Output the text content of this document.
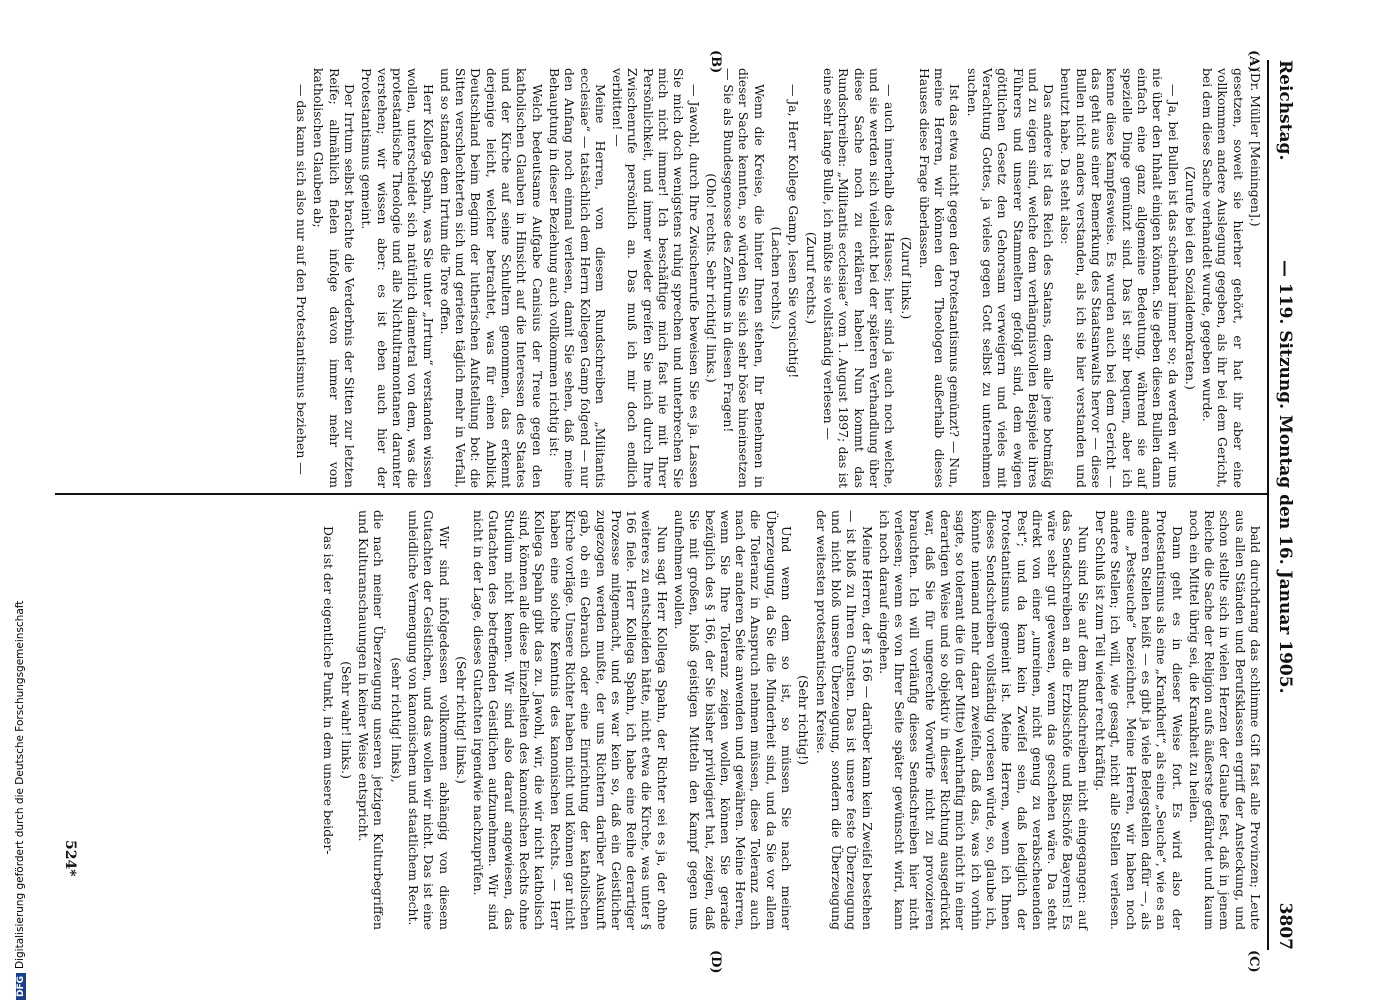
Reichstag.
— 119. Sitzung. Montag den 16. Januar 1905.
3807
(A)
(B)
(C)
(D)

(Dr. Müller [Meiningen].)

gesetzen, soweit sie hierher gehört, er hat ihr aber eine vollkommen andere Auslegung gegeben, als ihr bei dem Gericht, bei dem diese Sache verhandelt wurde, gegeben wurde.

(Zurufe bei den Sozialdemokraten.)

— Ja, bei Bullen ist das scheinbar immer so; da werden wir uns nie über den Inhalt einigen können. Sie geben diesen Bullen dann einfach eine ganz allgemeine Bedeutung, während sie auf spezielle Dinge gemünzt sind. Das ist sehr bequem, aber ich kenne diese Kampfesweise. Es wurden auch bei dem Gericht — das geht aus einer Bemerkung des Staatsanwalts hervor — diese Bullen nicht anders verstanden, als ich sie hier verstanden und benutzt habe. Da steht also:

Das andere ist das Reich des Satans, dem alle jene botmäßig und zu eigen sind, welche dem verhängnisvollen Beispiele ihres Führers und unserer Stammeltern gefolgt sind, dem ewigen göttlichen Gesetz den Gehorsam verweigern und vieles mit Verachtung Gottes, ja vieles gegen Gott selbst zu unternehmen suchen.

Ist das etwa nicht gegen den Protestantismus gemünzt? — Nun, meine Herren, wir können den Theologen außerhalb dieses Hauses diese Frage überlassen.

(Zuruf links.)

— auch innerhalb des Hauses; hier sind ja auch noch welche, und sie werden sich vielleicht bei der späteren Verhandlung über diese Sache noch zu erklären haben! Nun kommt das Rundschreiben: „Militantis ecclesiae“ vom 1. August 1897; das ist eine sehr lange Bulle, ich müßte sie vollständig verlesen —

(Zuruf rechts.)

— Ja, Herr Kollege Gamp, lesen Sie vorsichtig!

(Lachen rechts.)

Wenn die Kreise, die hinter Ihnen stehen, Ihr Benehmen in dieser Sache kennten, so würden Sie sich sehr böse hineinsetzen — Sie als Bundesgenosse des Zentrums in diesen Fragen!

(Oho! rechts. Sehr richtig! links.)

— Jawohl, durch Ihre Zwischenrufe beweisen Sie es ja. Lassen Sie mich doch wenigstens ruhig sprechen und unterbrechen Sie mich nicht immer! Ich beschäftige mich fast nie mit Ihrer Persönlichkeit, und immer wieder greifen Sie mich durch Ihre Zwischenrufe persönlich an. Das muß ich mir doch endlich verbitten! —

Meine Herren, von diesem Rundschreiben „Militantis ecclesiae“ — tatsächlich dem Herrn Kollegen Gamp folgend — nur den Anfang noch einmal verlesen, damit Sie sehen, daß meine Behauptung in dieser Beziehung auch vollkommen richtig ist:

Welch bedeutsame Aufgabe Canisius der Treue gegen den katholischen Glauben in Hinsicht auf die Interessen des Staates und der Kirche auf seine Schultern genommen, das erkennt derjenige leicht, welcher betrachtet, was für einen Anblick Deutschland beim Beginn der lutherischen Aufstellung bot: die Sitten verschlechterten sich und gerieten täglich mehr in Verfall, und so standen dem Irrtum die Tore offen.

Herr Kollega Spahn, was Sie unter „Irrtum“ verstanden wissen wollen, unterscheidet sich natürlich diametral von dem, was die protestantische Theologie und alle Nichtultramontanen darunter verstehen; wir wissen aber: es ist eben auch hier der Protestantismus gemeint.

Der Irrtum selbst brachte die Verderbnis der Sitten zur letzten Reife; allmählich fielen infolge davon immer mehr vom katholischen Glauben ab;

— das kann sich also nur auf den Protestantismus beziehen —

bald durchdrang das schlimme Gift fast alle Provinzen; Leute aus allen Ständen und Berufsklassen ergriff der Ansteckung, und schon stellte sich in vielen Herzen der Glaube fest, daß in jenem Reiche die Sache der Religion aufs äußerste gefährdet und kaum noch ein Mittel übrig sei, die Krankheit zu heilen.

Dann geht es in dieser Weise fort. Es wird also der Protestantismus als eine „Krankheit“, als eine „Seuche“, wie es an anderen Stellen heißt — es gibt ja viele Belegstellen dafür —, als eine „Pestseuche“ bezeichnet. Meine Herren, wir haben noch andere Stellen; ich will, wie gesagt, nicht alle Stellen verlesen. Der Schluß ist zum Teil wieder recht kräftig.

Nun sind Sie auf dem Rundschreiben nicht eingegangen: auf das Sendschreiben an die Erzbischöfe und Bischöfe Bayerns! Es wäre sehr gut gewesen, wenn das geschehen wäre. Da steht direkt von einer „unreinen, nicht genug zu verabscheuenden Pest“; und da kann kein Zweifel sein, daß lediglich der Protestantismus gemeint ist. Meine Herren, wenn ich Ihnen dieses Sendschreiben vollständig vorlesen würde, so, glaube ich, könnte niemand mehr daran zweifeln, daß das, was ich vorhin sagte, so tolerant die (in der Mitte) wahrhaftig mich nicht in einer derartigen Weise und so objektiv in dieser Richtung ausgedrückt war, daß Sie für ungerechte Vorwürfe nicht zu provozieren brauchten. Ich will vorläufig dieses Sendschreiben hier nicht verlesen; wenn es von Ihrer Seite später gewünscht wird, kann ich noch darauf eingehen.

Meine Herren, der § 166 — darüber kann kein Zweifel bestehen — ist bloß zu Ihren Gunsten. Das ist unsere feste Überzeugung und nicht bloß unsere Überzeugung, sondern die Überzeugung der weitesten protestantischen Kreise.

(Sehr richtig!)

Und wenn dem so ist, so müssen Sie nach meiner Überzeugung, da Sie die Minderheit sind, und da Sie vor allem die Toleranz in Anspruch nehmen müssen, diese Toleranz auch nach der anderen Seite anwenden und gewähren. Meine Herren, wenn Sie Ihre Toleranz zeigen wollen, können Sie gerade bezüglich des § 166, der Sie bisher privilegiert hat, zeigen, daß Sie mit großen, bloß geistigen Mitteln den Kampf gegen uns aufnehmen wollen.

Nun sagt Herr Kollega Spahn, der Richter sei es ja, der ohne weiteres zu entscheiden hätte, nicht etwa die Kirche, was unter § 166 fiele. Herr Kollega Spahn, ich habe eine Reihe derartiger Prozesse mitgemacht, und es war kein so, daß ein Geistlicher zugezogen werden mußte, der uns Richtern darüber Auskunft gab, ob ein Gebrauch oder eine Einrichtung der katholischen Kirche vorläge. Unsere Richter haben nicht und können gar nicht haben eine solche Kenntnis des kanonischen Rechts. — Herr Kollega Spahn gibt das zu. Jawohl, wir, die wir nicht katholisch sind, können alle diese Einzelheiten des kanonischen Rechts ohne Studium nicht kennen. Wir sind also darauf angewiesen, das Gutachten des betreffenden Geistlichen aufzunehmen. Wir sind nicht in der Lage, dieses Gutachten irgendwie nachzuprüfen.

(Sehr richtig! links.)

Wir sind infolgedessen vollkommen abhängig von diesem Gutachten der Geistlichen, und das wollen wir nicht. Das ist eine unleidliche Vermengung von kanonischem und staatlichem Recht.

(sehr richtig! links),

die nach meiner Überzeugung unseren jetzigen Kulturbegriffen und Kulturanschauungen in keiner Weise entspricht.

(Sehr wahr! links.)

Das ist der eigentliche Punkt, in dem unsere beider-

524*
DFGDigitalisierung gefördert durch die Deutsche Forschungsgemeinschaft
